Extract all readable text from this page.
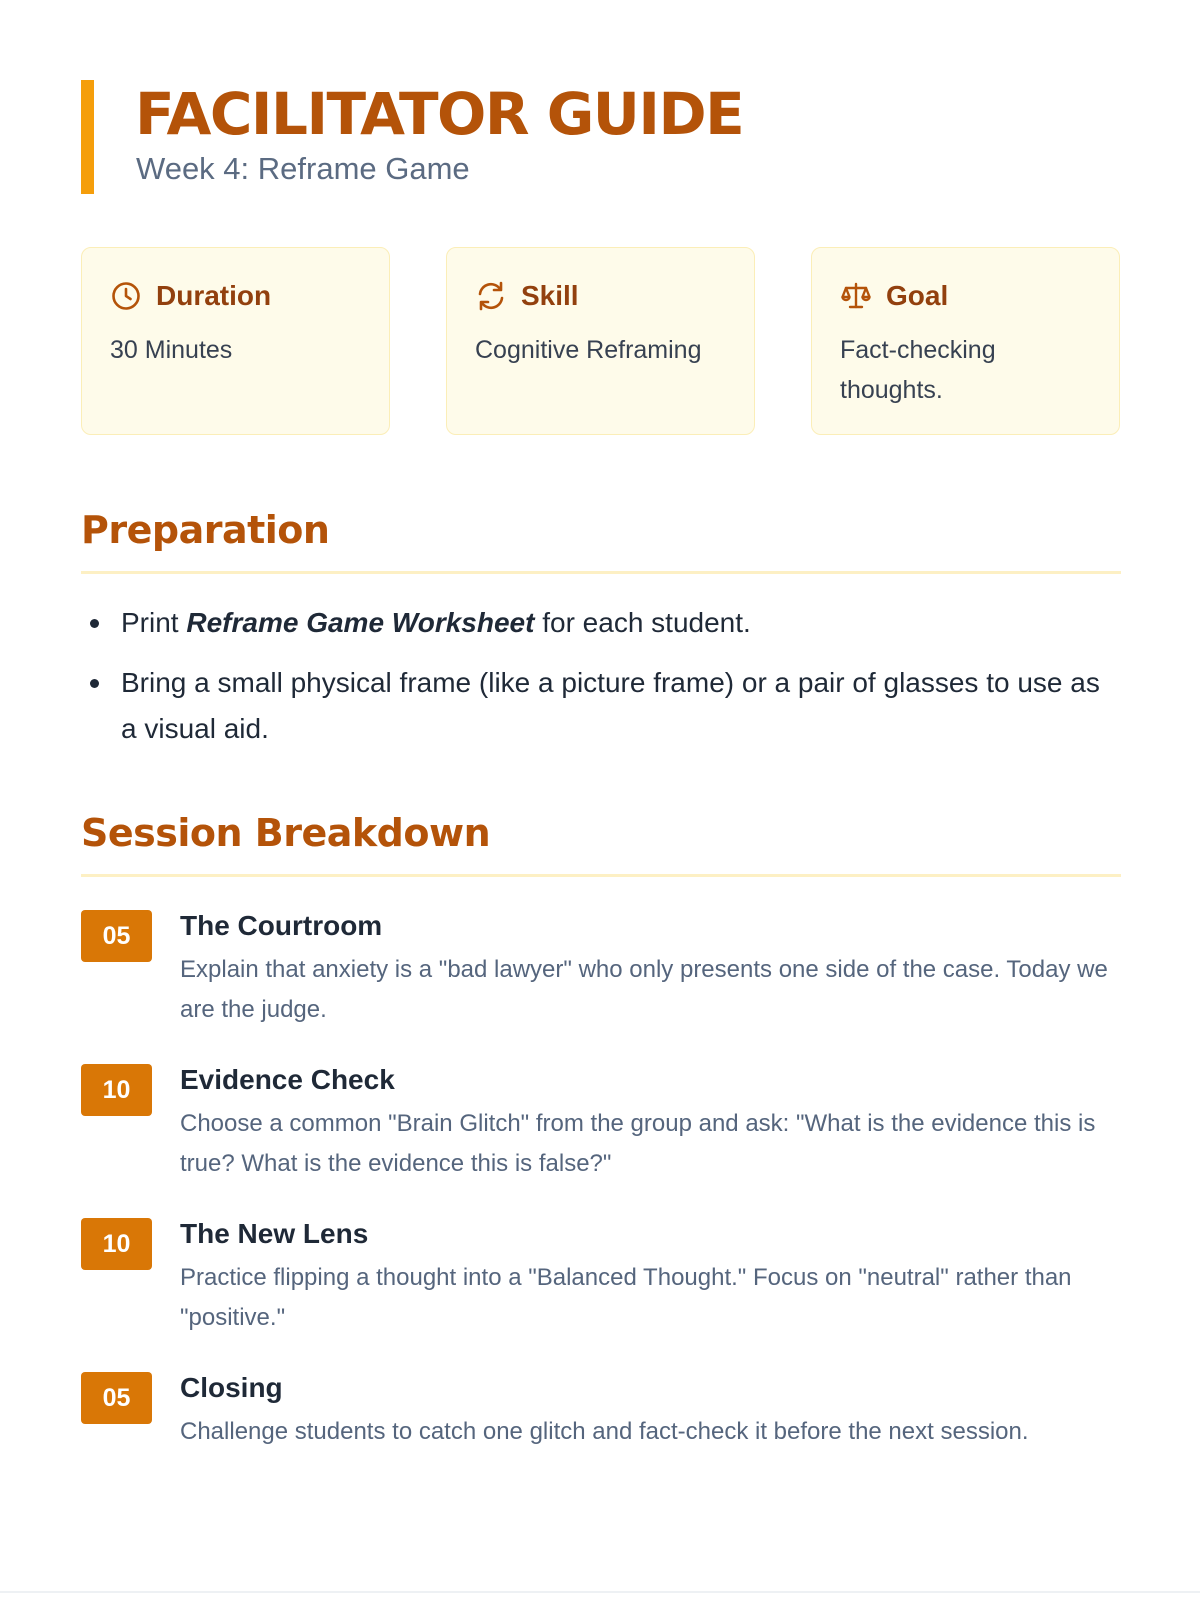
FACILITATOR GUIDE
Week 4: Reframe Game
Duration
30 Minutes
Skill
Cognitive Reframing
Goal
Fact-checking thoughts.
Preparation
Print Reframe Game Worksheet for each student.
Bring a small physical frame (like a picture frame) or a pair of glasses to use as a visual aid.
Session Breakdown
05	The Courtroom
Explain that anxiety is a "bad lawyer" who only presents one side of the case. Today we are the judge.
10	Evidence Check
Choose a common "Brain Glitch" from the group and ask: "What is the evidence this is true? What is the evidence this is false?"
10	The New Lens
Practice flipping a thought into a "Balanced Thought." Focus on "neutral" rather than "positive."
05	Closing
Challenge students to catch one glitch and fact-check it before the next session.
